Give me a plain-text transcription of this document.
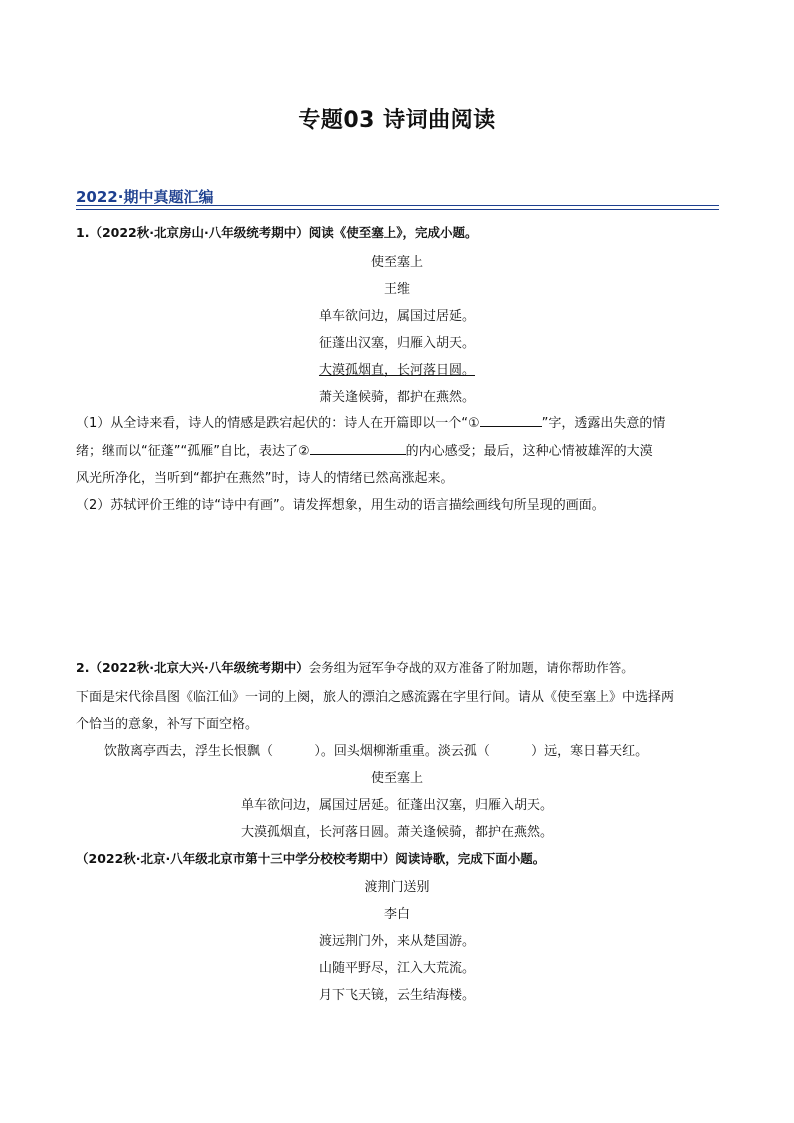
专题03 诗词曲阅读
2022·期中真题汇编
1.（2022秋·北京房山·八年级统考期中）阅读《使至塞上》，完成小题。
使至塞上
王维
单车欲问边，属国过居延。
征蓬出汉塞，归雁入胡天。
大漠孤烟直，长河落日圆。
萧关逢候骑，都护在燕然。
（1）从全诗来看，诗人的情感是跌宕起伏的：诗人在开篇即以一个“①	”字，透露出失意的情
绪；继而以“征蓬”“孤雁”自比，表达了②	的内心感受；最后，这种心情被雄浑的大漠
风光所净化，当听到“都护在燕然”时，诗人的情绪已然高涨起来。
（2）苏轼评价王维的诗“诗中有画”。请发挥想象，用生动的语言描绘画线句所呈现的画面。
2.（2022秋·北京大兴·八年级统考期中）会务组为冠军争夺战的双方准备了附加题，请你帮助作答。
下面是宋代徐昌图《临江仙》一词的上阕，旅人的漂泊之感流露在字里行间。请从《使至塞上》中选择两
个恰当的意象，补写下面空格。
饮散离亭西去，浮生长恨飘（          ）。回头烟柳渐重重。淡云孤（          ）远，寒日暮天红。
使至塞上
单车欲问边，属国过居延。征蓬出汉塞，归雁入胡天。
大漠孤烟直，长河落日圆。萧关逢候骑，都护在燕然。
（2022秋·北京·八年级北京市第十三中学分校校考期中）阅读诗歌，完成下面小题。
渡荆门送别
李白
渡远荆门外，来从楚国游。
山随平野尽，江入大荒流。
月下飞天镜，云生结海楼。
